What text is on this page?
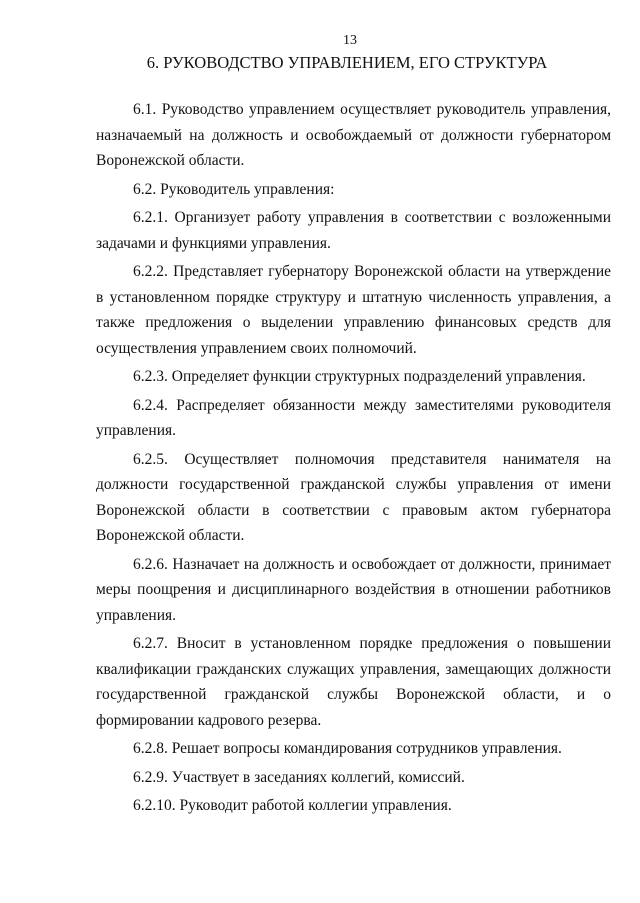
13
6. РУКОВОДСТВО УПРАВЛЕНИЕМ, ЕГО СТРУКТУРА

6.1. Руководство управлением осуществляет руководитель управления, назначаемый на должность и освобождаемый от должности губернатором Воронежской области.

6.2. Руководитель управления:

6.2.1. Организует работу управления в соответствии с возложенными задачами и функциями управления.

6.2.2. Представляет губернатору Воронежской области на утверждение в установленном порядке структуру и штатную численность управления, а также предложения о выделении управлению финансовых средств для осуществления управлением своих полномочий.

6.2.3. Определяет функции структурных подразделений управления.

6.2.4. Распределяет обязанности между заместителями руководителя управления.

6.2.5. Осуществляет полномочия представителя нанимателя на должности государственной гражданской службы управления от имени Воронежской области в соответствии с правовым актом губернатора Воронежской области.

6.2.6. Назначает на должность и освобождает от должности, принимает меры поощрения и дисциплинарного воздействия в отношении работников управления.

6.2.7. Вносит в установленном порядке предложения о повышении квалификации гражданских служащих управления, замещающих должности государственной гражданской службы Воронежской области, и о формировании кадрового резерва.

6.2.8. Решает вопросы командирования сотрудников управления.

6.2.9. Участвует в заседаниях коллегий, комиссий.

6.2.10. Руководит работой коллегии управления.
